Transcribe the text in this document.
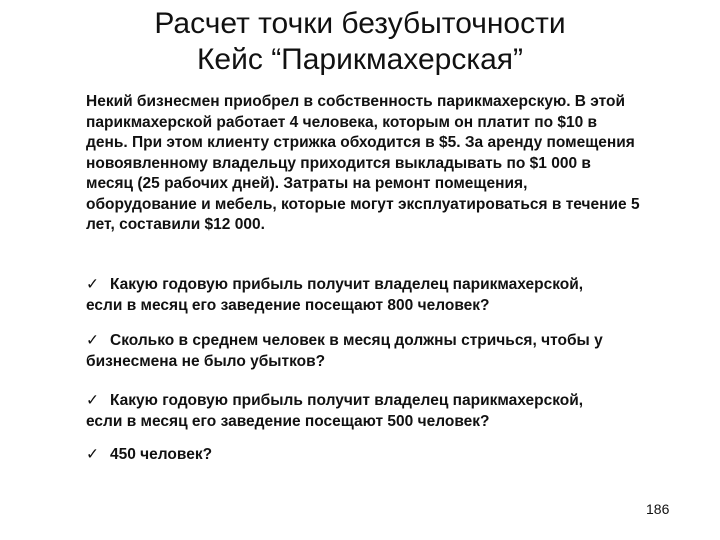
Расчет точки безубыточности
Кейс “Парикмахерская”
Некий бизнесмен приобрел в собственность парикмахерскую. В этой
парикмахерской работает 4 человека, которым он платит по $10 в
день. При этом клиенту стрижка обходится в $5. За аренду помещения
новоявленному владельцу приходится выкладывать по $1 000 в
месяц (25 рабочих дней). Затраты на ремонт помещения,
оборудование и мебель, которые могут эксплуатироваться в течение 5
лет, составили $12 000.
✓ Какую годовую прибыль получит владелец парикмахерской,
если в месяц его заведение посещают 800 человек?
✓ Сколько в среднем человек в месяц должны стричься, чтобы у
бизнесмена не было убытков?
✓ Какую годовую прибыль получит владелец парикмахерской,
если в месяц его заведение посещают 500 человек?
✓ 450 человек?
186
